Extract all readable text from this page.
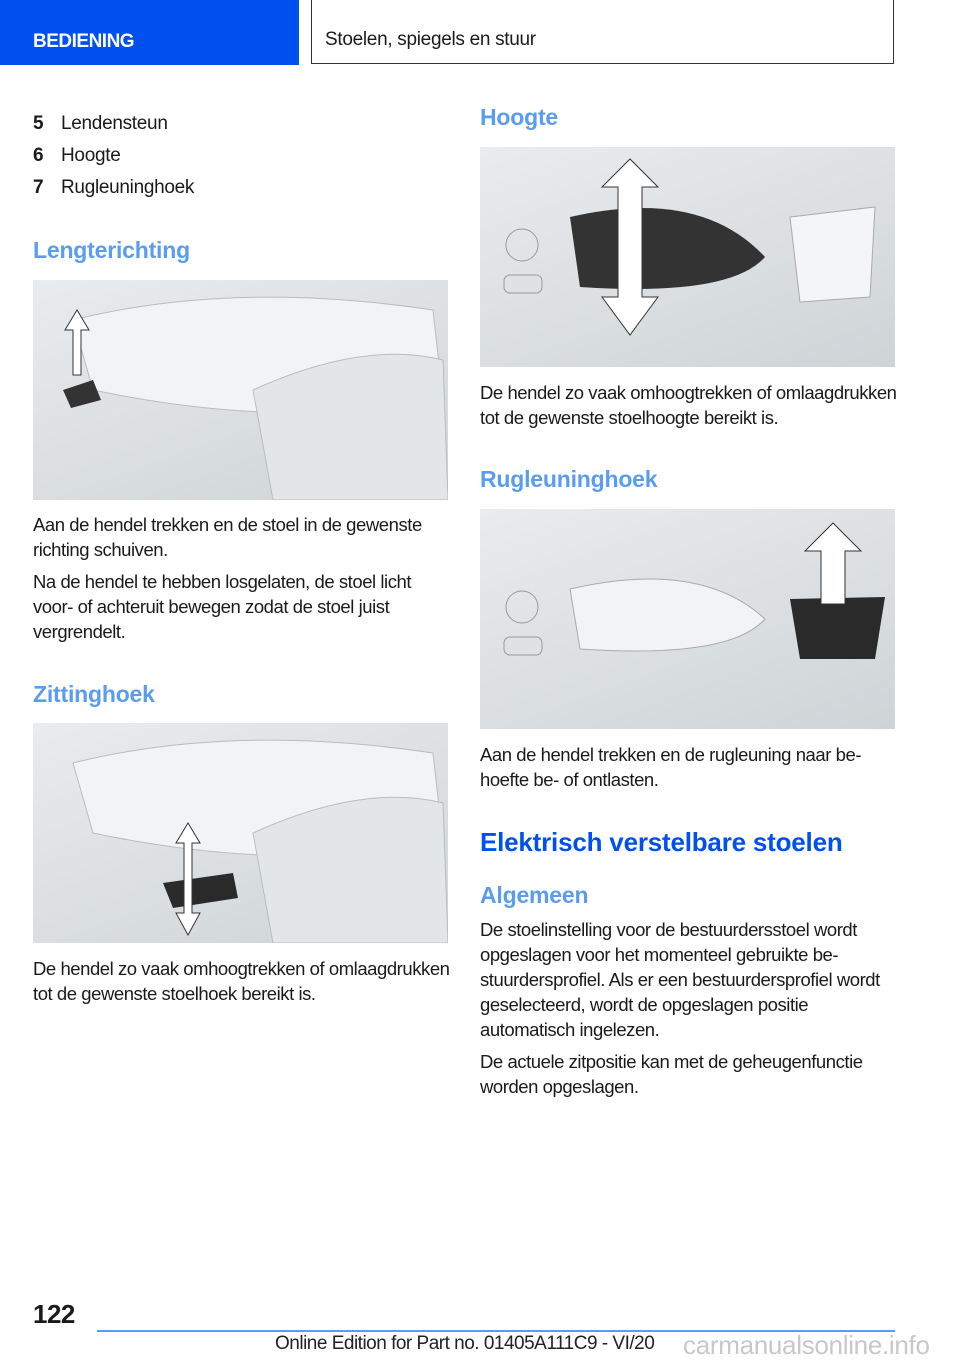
BEDIENING	Stoelen, spiegels en stuur
5 Lendensteun
6 Hoogte
7 Rugleuninghoek
Lengterichting

Aan de hendel trekken en de stoel in de gewenste richting schuiven.

Na de hendel te hebben losgelaten, de stoel licht voor- of achteruit bewegen zodat de stoel juist vergrendelt.

Zittinghoek

De hendel zo vaak omhoogtrekken of omlaagdrukken tot de gewenste stoelhoek bereikt is.

Hoogte

De hendel zo vaak omhoogtrekken of omlaagdrukken tot de gewenste stoelhoogte bereikt is.

Rugleuninghoek

Aan de hendel trekken en de rugleuning naar behoefte be- of ontlasten.

Elektrisch verstelbare stoelen
Algemeen

De stoelinstelling voor de bestuurdersstoel wordt opgeslagen voor het momenteel gebruikte bestuurdersprofiel. Als er een bestuurdersprofiel wordt geselecteerd, wordt de opgeslagen positie automatisch ingelezen.

De actuele zitpositie kan met de geheugenfunctie worden opgeslagen.

122
Online Edition for Part no. 01405A111C9 - VI/20 carmanualsonline.info
